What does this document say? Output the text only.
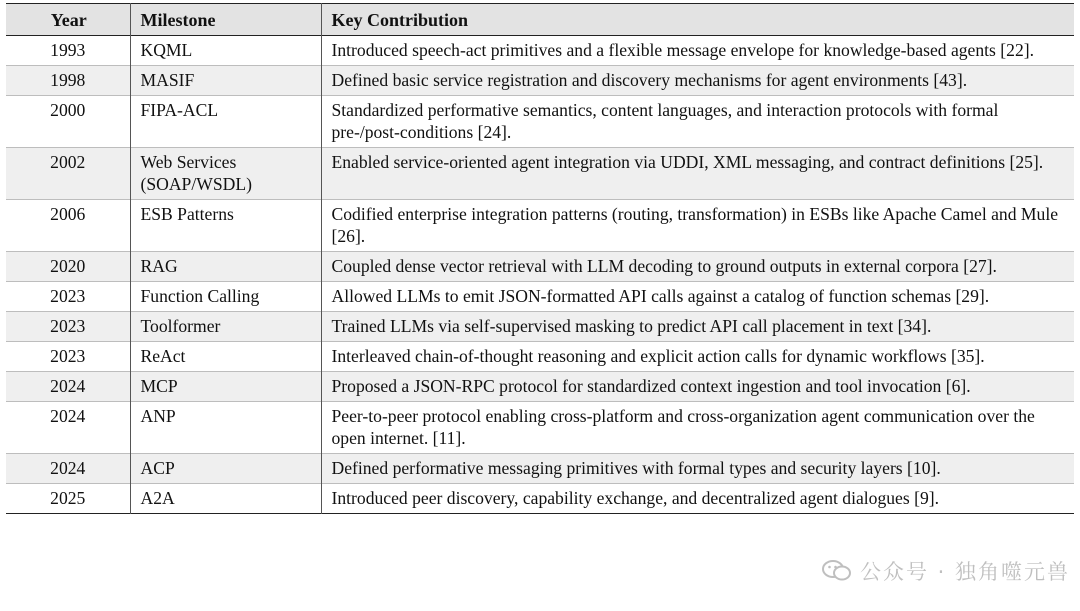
Year	Milestone	Key Contribution
1993	KQML	Introduced speech-act primitives and a flexible message envelope for knowledge-based agents [22].
1998	MASIF	Defined basic service registration and discovery mechanisms for agent environments [43].
2000	FIPA-ACL	Standardized performative semantics, content languages, and interaction protocols with formal pre-/post-conditions [24].
2002	Web Services (SOAP/WSDL)	Enabled service-oriented agent integration via UDDI, XML messaging, and contract definitions [25].
2006	ESB Patterns	Codified enterprise integration patterns (routing, transformation) in ESBs like Apache Camel and Mule [26].
2020	RAG	Coupled dense vector retrieval with LLM decoding to ground outputs in external corpora [27].
2023	Function Calling	Allowed LLMs to emit JSON-formatted API calls against a catalog of function schemas [29].
2023	Toolformer	Trained LLMs via self-supervised masking to predict API call placement in text [34].
2023	ReAct	Interleaved chain-of-thought reasoning and explicit action calls for dynamic workflows [35].
2024	MCP	Proposed a JSON-RPC protocol for standardized context ingestion and tool invocation [6].
2024	ANP	Peer-to-peer protocol enabling cross-platform and cross-organization agent communication over the open internet. [11].
2024	ACP	Defined performative messaging primitives with formal types and security layers [10].
2025	A2A	Introduced peer discovery, capability exchange, and decentralized agent dialogues [9].
公众号 · 独角噬元兽
